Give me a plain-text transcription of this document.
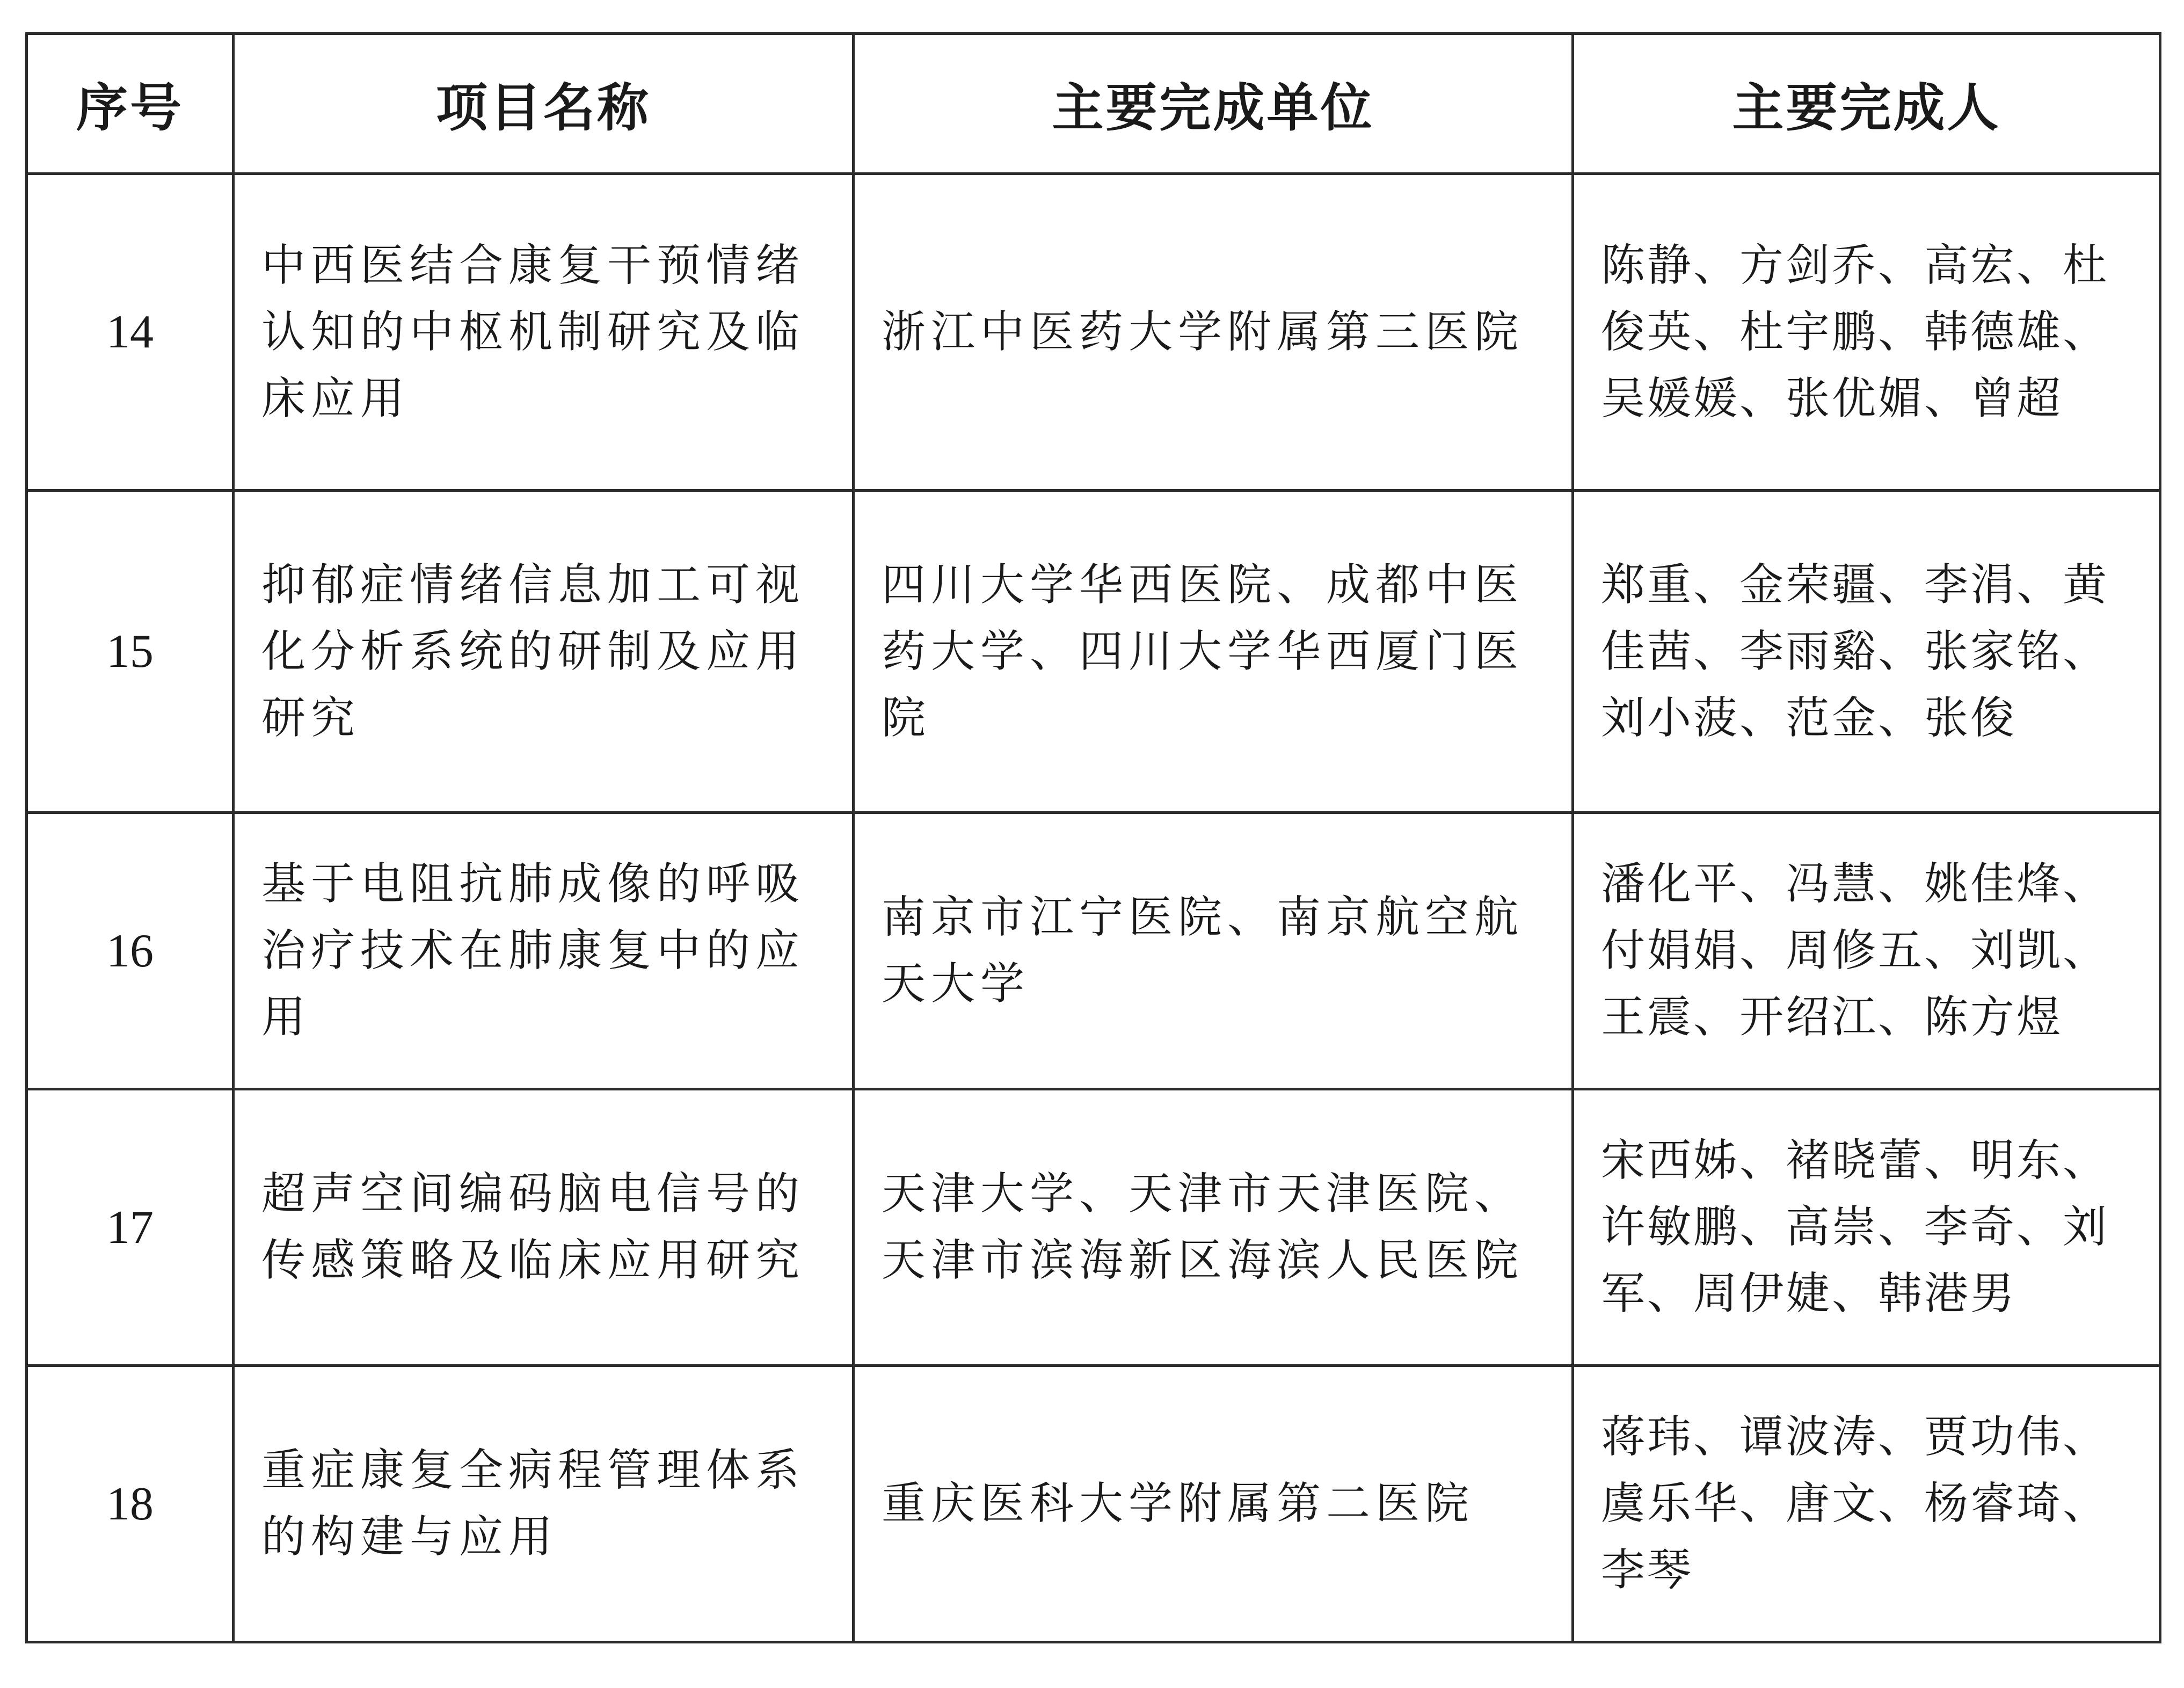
序号	项目名称	主要完成单位	主要完成人
14	中西医结合康复干预情绪认知的中枢机制研究及临床应用	浙江中医药大学附属第三医院	陈静、方剑乔、高宏、杜俊英、杜宇鹏、韩德雄、吴媛媛、张优媚、曾超
15	抑郁症情绪信息加工可视化分析系统的研制及应用研究	四川大学华西医院、成都中医药大学、四川大学华西厦门医院	郑重、金荣疆、李涓、黄佳茜、李雨谿、张家铭、刘小菠、范金、张俊
16	基于电阻抗肺成像的呼吸治疗技术在肺康复中的应用	南京市江宁医院、南京航空航天大学	潘化平、冯慧、姚佳烽、付娟娟、周修五、刘凯、王震、开绍江、陈方煜
17	超声空间编码脑电信号的传感策略及临床应用研究	天津大学、天津市天津医院、天津市滨海新区海滨人民医院	宋西姊、褚晓蕾、明东、许敏鹏、高崇、李奇、刘军、周伊婕、韩港男
18	重症康复全病程管理体系的构建与应用	重庆医科大学附属第二医院	蒋玮、谭波涛、贾功伟、虞乐华、唐文、杨睿琦、李琴
